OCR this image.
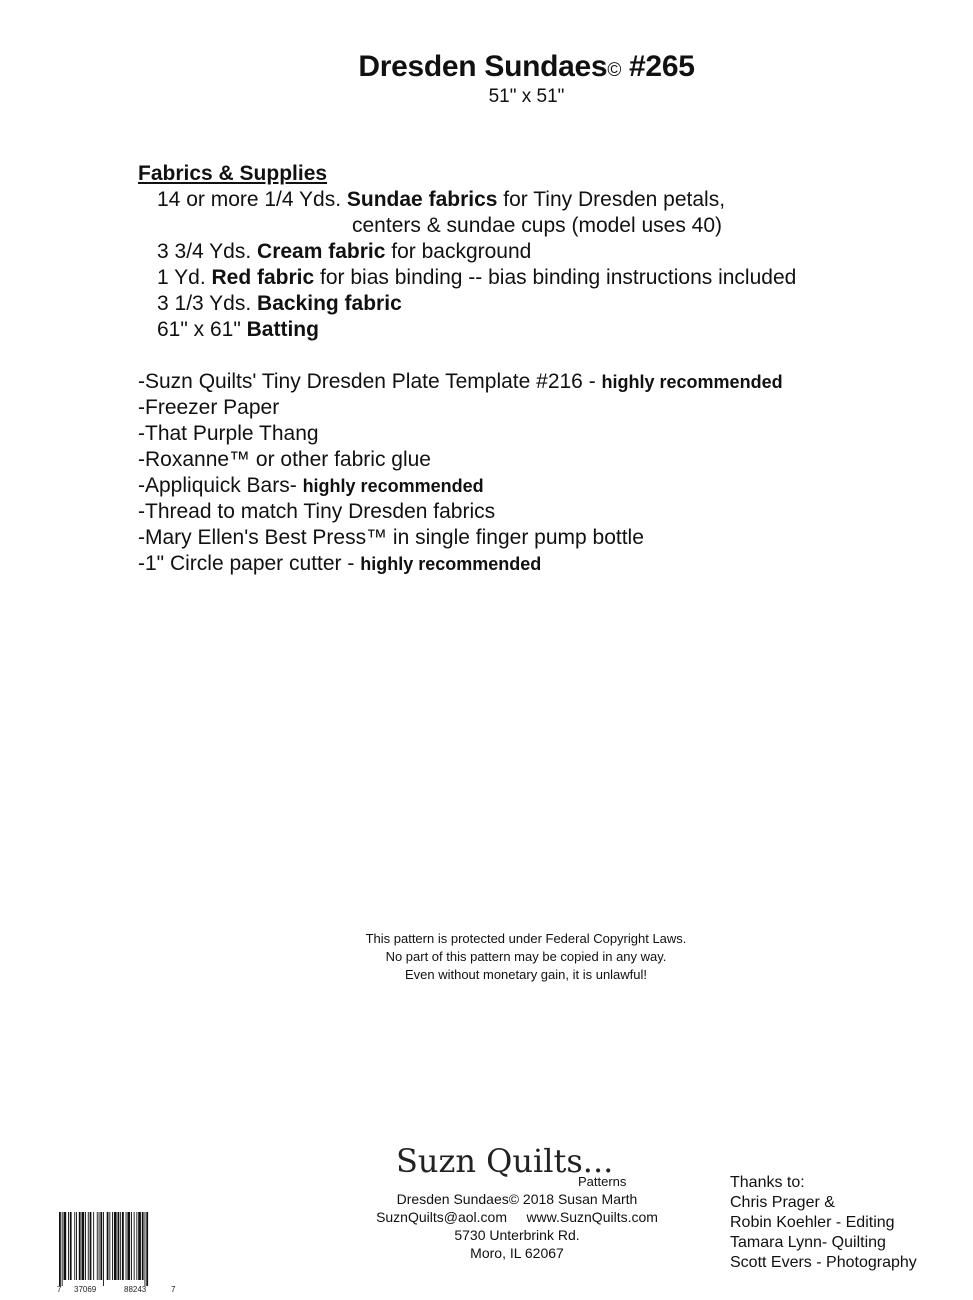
Dresden Sundaes© #265
51" x 51"
Fabrics & Supplies
14 or more 1/4 Yds. Sundae fabrics for Tiny Dresden petals,
centers & sundae cups (model uses 40)
3 3/4 Yds. Cream fabric for background
1 Yd. Red fabric for bias binding -- bias binding instructions included
3 1/3 Yds. Backing fabric
61" x 61" Batting
-Suzn Quilts' Tiny Dresden Plate Template #216 - highly recommended
-Freezer Paper
-That Purple Thang
-Roxanne™ or other fabric glue
-Appliquick Bars- highly recommended
-Thread to match Tiny Dresden fabrics
-Mary Ellen's Best Press™ in single finger pump bottle
-1" Circle paper cutter - highly recommended
This pattern is protected under Federal Copyright Laws.
No part of this pattern may be copied in any way.
Even without monetary gain, it is unlawful!
Suzn Quilts...
Patterns
Dresden Sundaes© 2018 Susan Marth
SuznQuilts@aol.com     www.SuznQuilts.com
5730 Unterbrink Rd.
Moro, IL 62067
Thanks to:
Chris Prager &
Robin Koehler - Editing
Tamara Lynn- Quilting
Scott Evers - Photography
7 37069	88243	7
